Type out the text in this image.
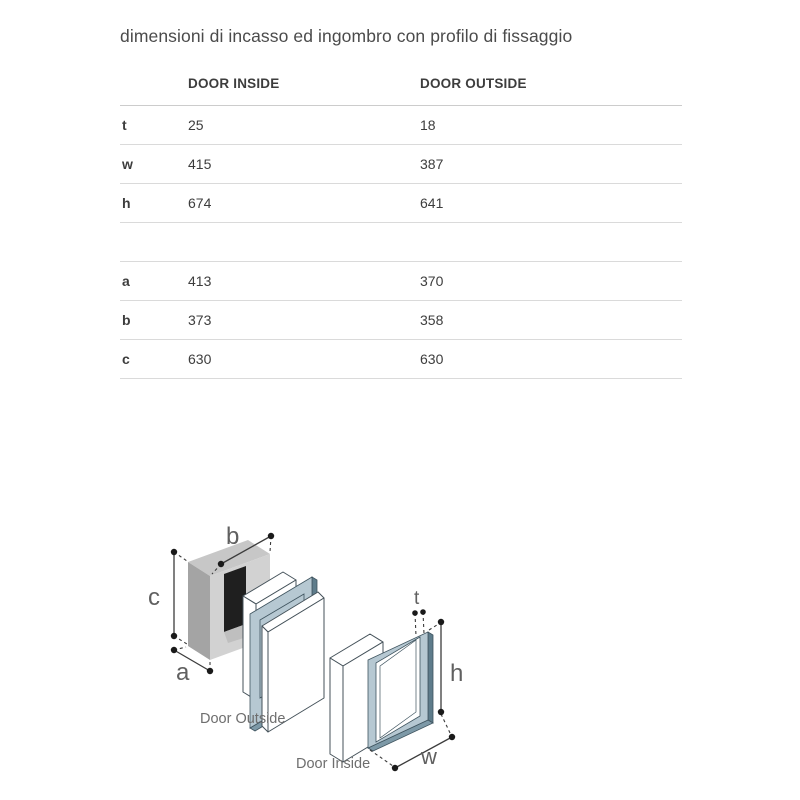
dimensioni di incasso ed ingombro con profilo di fissaggio
	DOOR INSIDE	DOOR OUTSIDE
t	25	18
w	415	387
h	674	641

a	413	370
b	373	358
c	630	630
c
b
a
Door Outside
t
h
w
Door Inside
